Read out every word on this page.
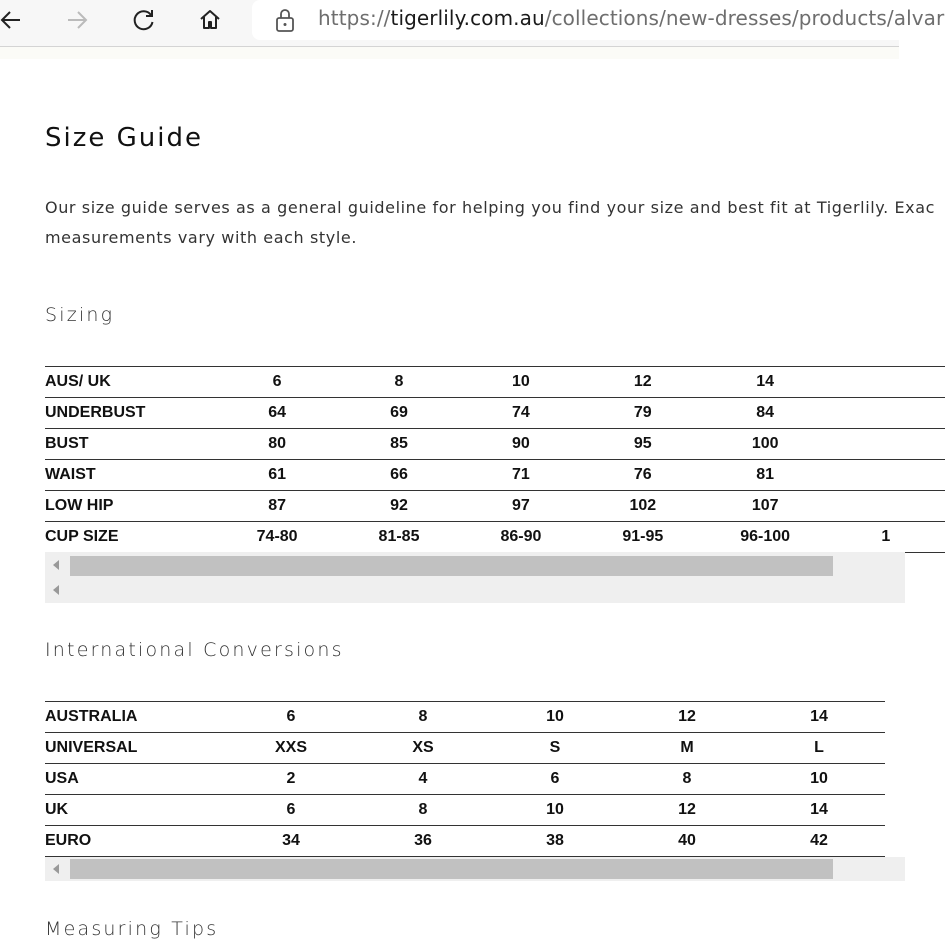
https://tigerlily.com.au/collections/new-dresses/products/alvar
Size Guide

Our size guide serves as a general guideline for helping you find your size and best fit at Tigerlily. Exac
measurements vary with each style.

Sizing
AUS/ UK	6	8	10	12	14	
UNDERBUST	64	69	74	79	84	
BUST	80	85	90	95	100	
WAIST	61	66	71	76	81	
LOW HIP	87	92	97	102	107	
CUP SIZE	74-80	81-85	86-90	91-95	96-100	1
International Conversions
AUSTRALIA	6	8	10	12	14
UNIVERSAL	XXS	XS	S	M	L
USA	2	4	6	8	10
UK	6	8	10	12	14
EURO	34	36	38	40	42
Measuring Tips
